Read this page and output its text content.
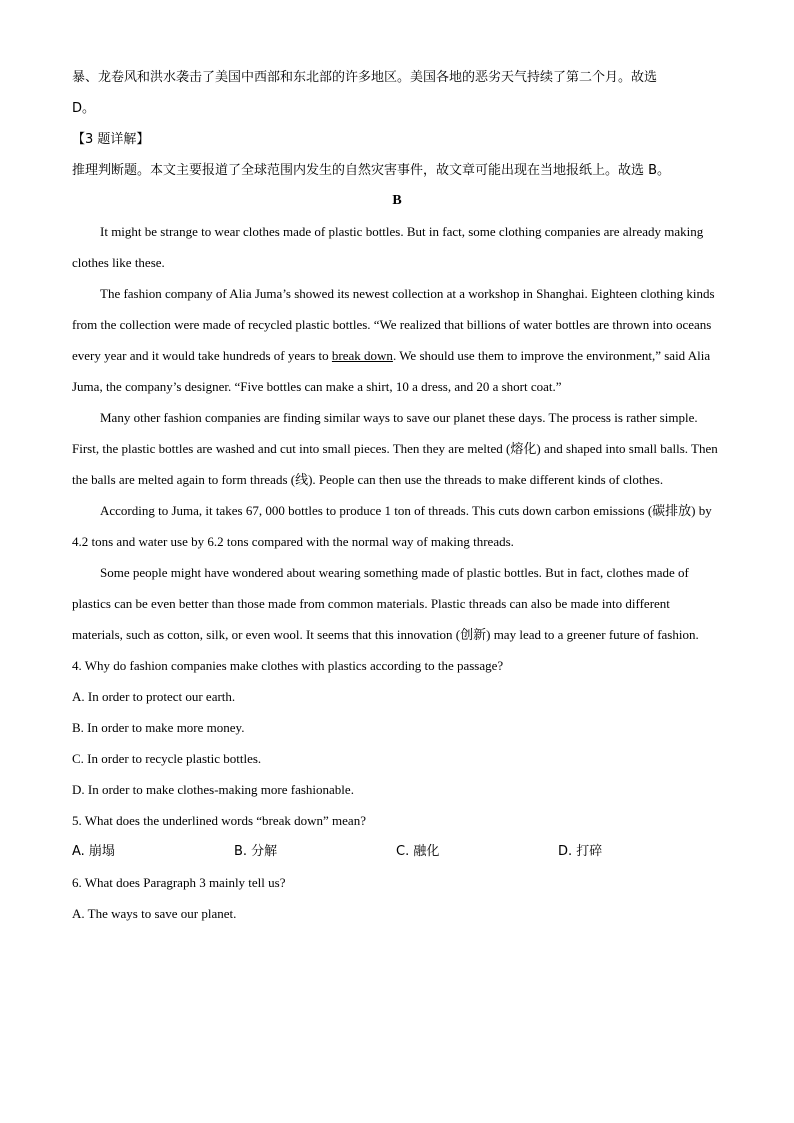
暴、龙卷风和洪水袭击了美国中西部和东北部的许多地区。美国各地的恶劣天气持续了第二个月。故选
D。
【3 题详解】
推理判断题。本文主要报道了全球范围内发生的自然灾害事件，故文章可能出现在当地报纸上。故选 B。
B

It might be strange to wear clothes made of plastic bottles. But in fact, some clothing companies are already making clothes like these.

The fashion company of Alia Juma’s showed its newest collection at a workshop in Shanghai. Eighteen clothing kinds from the collection were made of recycled plastic bottles. “We realized that billions of water bottles are thrown into oceans every year and it would take hundreds of years to break down. We should use them to improve the environment,” said Alia Juma, the company’s designer. “Five bottles can make a shirt, 10 a dress, and 20 a short coat.”

Many other fashion companies are finding similar ways to save our planet these days. The process is rather simple. First, the plastic bottles are washed and cut into small pieces. Then they are melted (熔化) and shaped into small balls. Then the balls are melted again to form threads (线). People can then use the threads to make different kinds of clothes.

According to Juma, it takes 67, 000 bottles to produce 1 ton of threads. This cuts down carbon emissions (碳排放) by 4.2 tons and water use by 6.2 tons compared with the normal way of making threads.

Some people might have wondered about wearing something made of plastic bottles. But in fact, clothes made of plastics can be even better than those made from common materials. Plastic threads can also be made into different materials, such as cotton, silk, or even wool. It seems that this innovation (创新) may lead to a greener future of fashion.

4. Why do fashion companies make clothes with plastics according to the passage?

A. In order to protect our earth.

B. In order to make more money.

C. In order to recycle plastic bottles.

D. In order to make clothes-making more fashionable.

5. What does the underlined words “break down” mean?

A. 崩塌	B. 分解	C. 融化	D. 打碎

6. What does Paragraph 3 mainly tell us?

A. The ways to save our planet.
